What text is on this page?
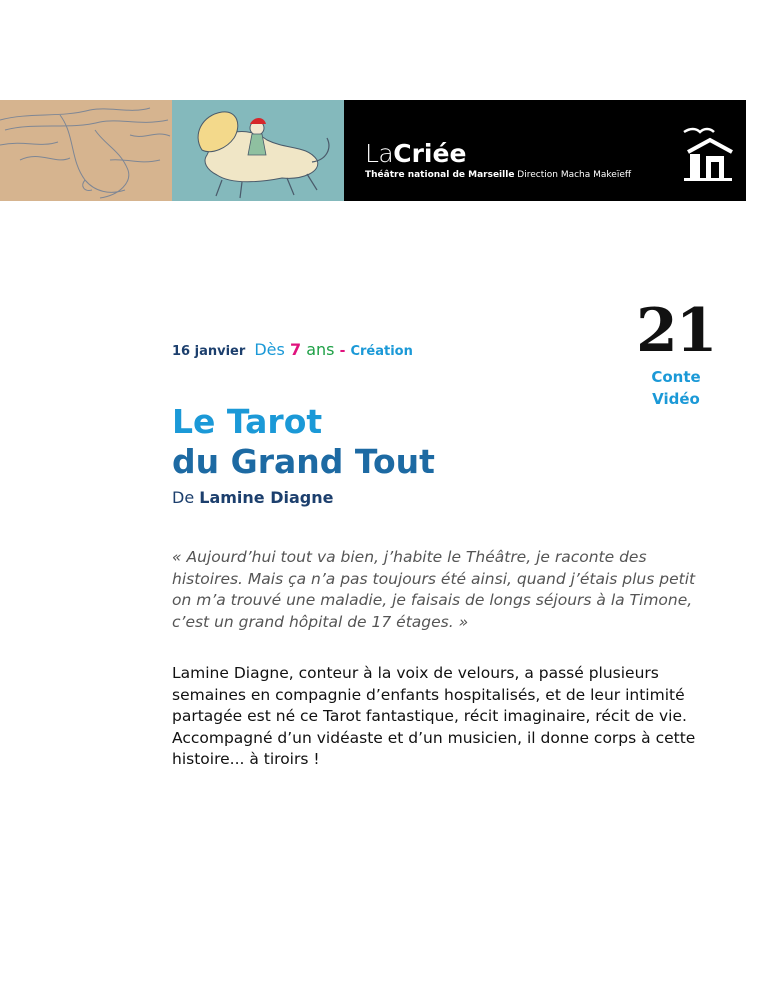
LaCriée
Théâtre national de Marseille Direction Macha Makeïeff
16 janvier Dès 7 ans - Création	21
Conte
Vidéo
Le Tarot
du Grand Tout
De Lamine Diagne

« Aujourd’hui tout va bien, j’habite le Théâtre, je raconte des histoires. Mais ça n’a pas toujours été ainsi, quand j’étais plus petit on m’a trouvé une maladie, je faisais de longs séjours à la Timone, c’est un grand hôpital de 17 étages. »

Lamine Diagne, conteur à la voix de velours, a passé plusieurs semaines en compagnie d’enfants hospitalisés, et de leur intimité partagée est né ce Tarot fantastique, récit imaginaire, récit de vie. Accompagné d’un vidéaste et d’un musicien, il donne corps à cette histoire... à tiroirs !
